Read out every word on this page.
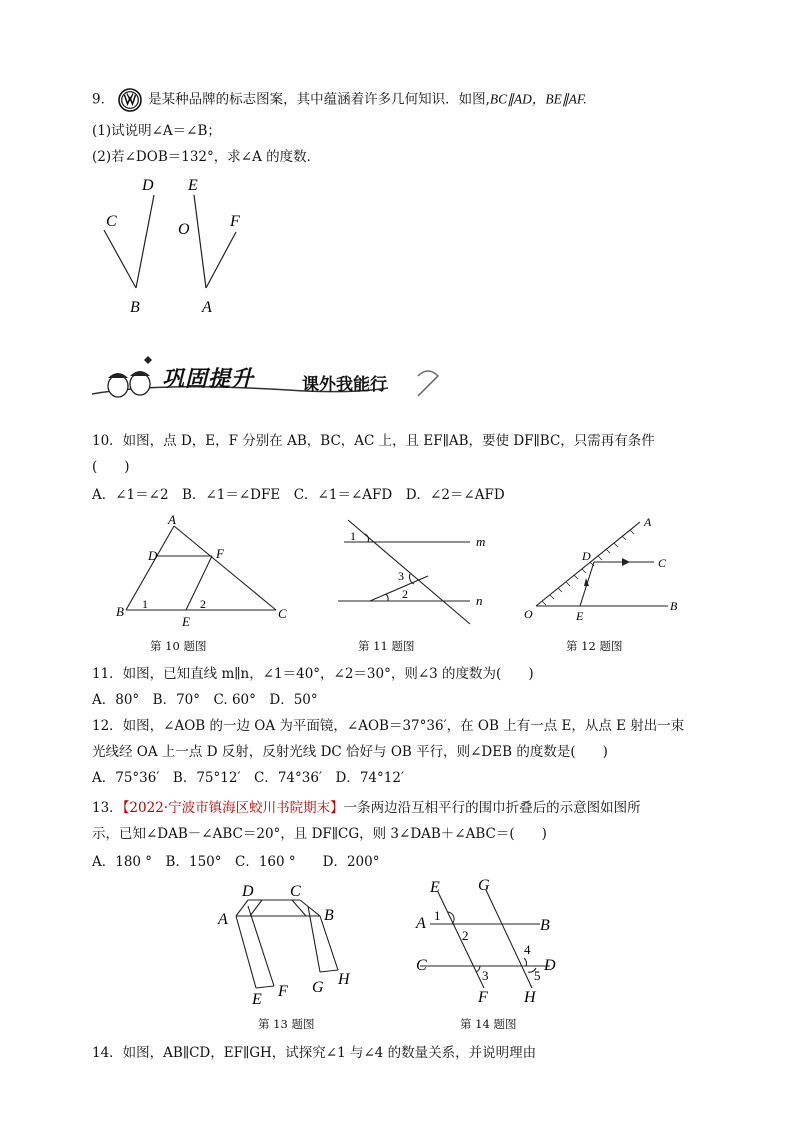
9．	是某种品牌的标志图案，其中蕴涵着许多几何知识．如图,BC∥AD，BE∥AF.
(1)试说明∠A＝∠B；
(2)若∠DOB＝132°，求∠A 的度数．
D E
C	O	F
B	A
巩固提升	课外我能行
10．如图，点 D，E，F 分别在 AB，BC，AC 上，且 EF∥AB，要使 DF∥BC，只需再有条件
(　　)
A．∠1＝∠2　B．∠1＝∠DFE　C．∠1＝∠AFD　D．∠2＝∠AFD
A
D	F
B
E
C
1	2
第 10 题图
m
n
1
3
2
第 11 题图
A
D	C
O	E
B
第 12 题图
11．如图，已知直线 m∥n，∠1＝40°，∠2＝30°，则∠3 的度数为(　　)
A．80°　B．70°　C. 60°　D．50°
12．如图，∠AOB 的一边 OA 为平面镜，∠AOB＝37°36′，在 OB 上有一点 E，从点 E 射出一束
光线经 OA 上一点 D 反射，反射光线 DC 恰好与 OB 平行，则∠DEB 的度数是(　　)
A．75°36′　B．75°12′　C．74°36′　D．74°12′
13．【2022·宁波市镇海区蛟川书院期末】一条两边沿互相平行的围巾折叠后的示意图如图所
示，已知∠DAB－∠ABC＝20°，且 DF∥CG，则 3∠DAB＋∠ABC＝(　　)
A．180 °　B．150°　C．160 °　　D．200°
D C
A	B
E F G H
第 13 题图
E G
A	B
C	D
F H
1
2
3
4
5
第 14 题图
14．如图，AB∥CD，EF∥GH，试探究∠1 与∠4 的数量关系，并说明理由
